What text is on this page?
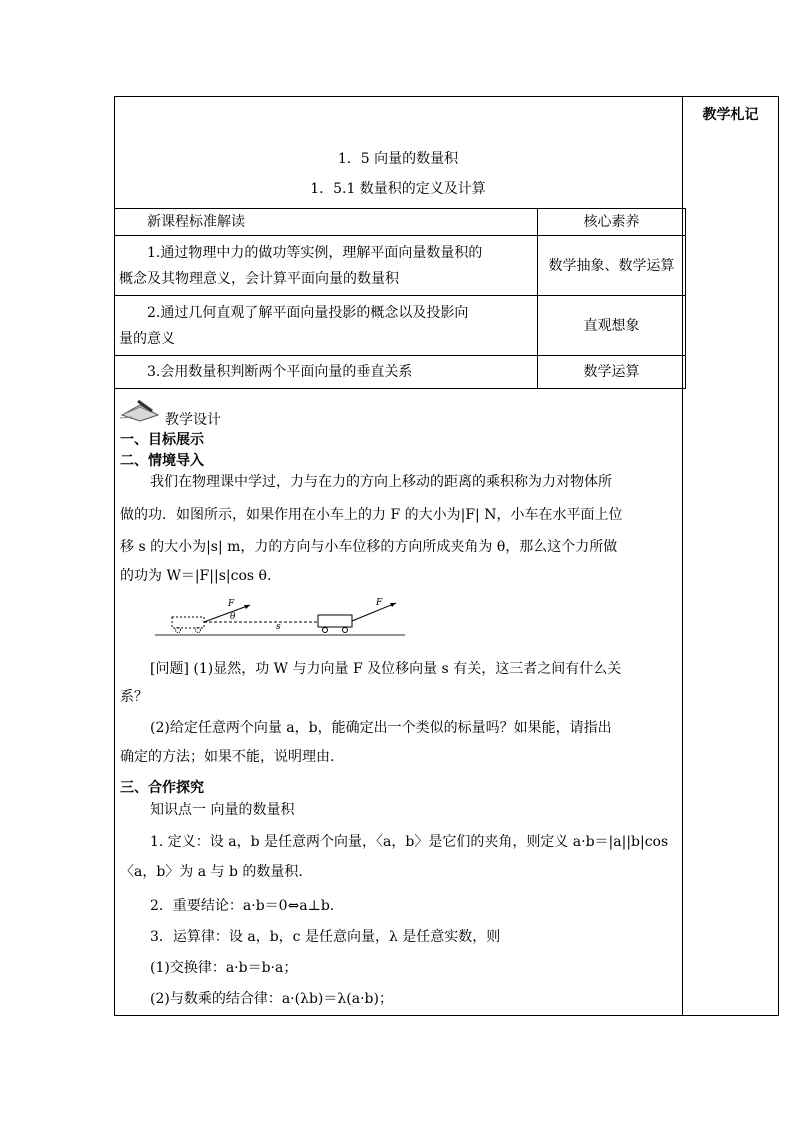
教学札记
1．5 向量的数量积
1．5.1 数量积的定义及计算
新课程标准解读	核心素养

1.通过物理中力的做功等实例，理解平面向量数量积的
概念及其物理意义，会计算平面向量的数量积	数学抽象、数学运算

2.通过几何直观了解平面向量投影的概念以及投影向
量的意义	直观想象
3.会用数量积判断两个平面向量的垂直关系	数学运算
教学设计
一、目标展示
二、情境导入
我们在物理课中学过，力与在力的方向上移动的距离的乘积称为力对物体所
做的功．如图所示，如果作用在小车上的力 F 的大小为|F| N，小车在水平面上位
移 s 的大小为|s| m，力的方向与小车位移的方向所成夹角为 θ，那么这个力所做
的功为 W＝|F||s|cos θ.
F
θ
s
F
[问题] (1)显然，功 W 与力向量 F 及位移向量 s 有关，这三者之间有什么关
系？
(2)给定任意两个向量 a，b，能确定出一个类似的标量吗？如果能，请指出
确定的方法；如果不能，说明理由.
三、合作探究
知识点一 向量的数量积
1. 定义：设 a，b 是任意两个向量，〈a，b〉是它们的夹角，则定义 a·b＝|a||b|cos
〈a，b〉为 a 与 b 的数量积.
2．重要结论：a·b＝0⇔a⊥b.
3．运算律：设 a，b，c 是任意向量，λ 是任意实数，则
(1)交换律：a·b＝b·a；
(2)与数乘的结合律：a·(λb)＝λ(a·b)；
